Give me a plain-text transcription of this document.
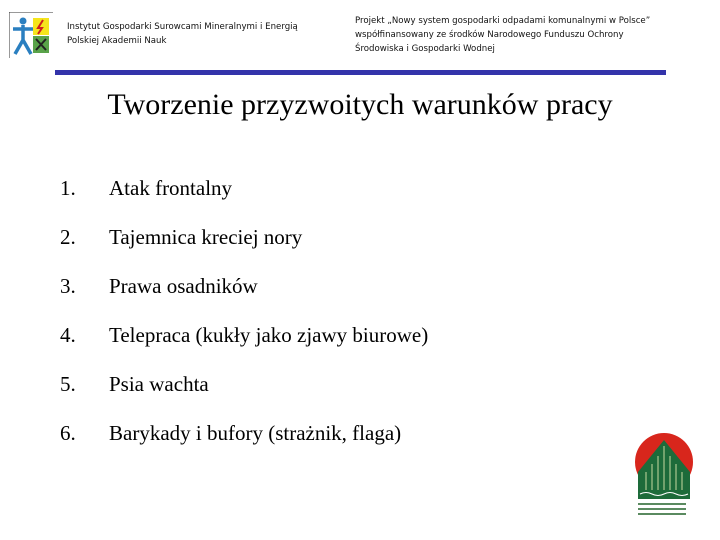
Instytut Gospodarki Surowcami Mineralnymi i Energią
Polskiej Akademii Nauk
Projekt „Nowy system gospodarki odpadami komunalnymi w Polsce”
współfinansowany ze środków Narodowego Funduszu Ochrony
Środowiska i Gospodarki Wodnej
Tworzenie przyzwoitych warunków pracy
1.	Atak frontalny
2.	Tajemnica kreciej nory
3.	Prawa osadników
4.	Telepraca (kukły jako zjawy biurowe)
5.	Psia wachta
6.	Barykady i bufory (strażnik, flaga)
